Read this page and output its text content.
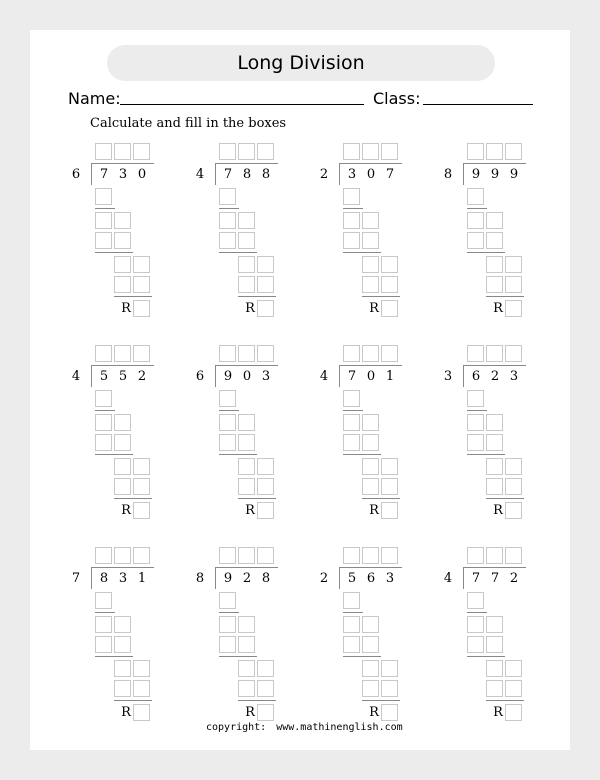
Long Division
Name:	Class:
Calculate and fill in the boxes
6	7 3 0
R
4	7 8 8
R
2	3 0 7
R
8	9 9 9
R
4	5 5 2
R
6	9 0 3
R
4	7 0 1
R
3	6 2 3
R
7	8 3 1
R
8	9 2 8
R
2	5 6 3
R
4	7 7 2
R
copyright: www.mathinenglish.com
